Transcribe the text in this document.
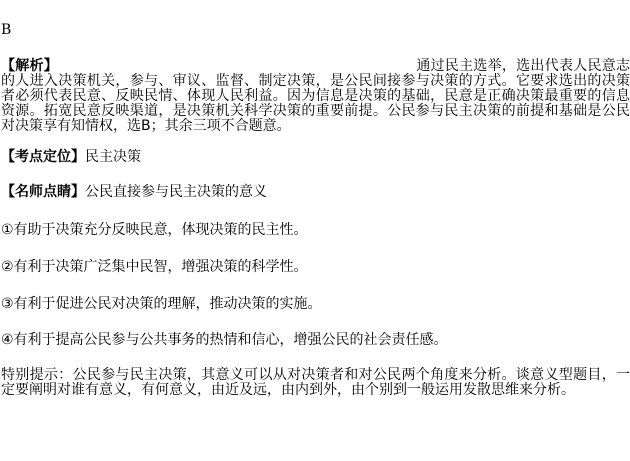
B

【解析】	通过民主选举，选出代表人民意志的人进入决策机关，参与、审议、监督、制定决策，是公民间接参与决策的方式。它要求选出的决策者必须代表民意、反映民情、体现人民利益。因为信息是决策的基础，民意是正确决策最重要的信息资源。拓宽民意反映渠道，是决策机关科学决策的重要前提。公民参与民主决策的前提和基础是公民对决策享有知情权，选B；其余三项不合题意。

【考点定位】民主决策

【名师点睛】公民直接参与民主决策的意义

①有助于决策充分反映民意，体现决策的民主性。

②有利于决策广泛集中民智，增强决策的科学性。

③有利于促进公民对决策的理解，推动决策的实施。

④有利于提高公民参与公共事务的热情和信心，增强公民的社会责任感。

特别提示：公民参与民主决策，其意义可以从对决策者和对公民两个角度来分析。谈意义型题目，一定要阐明对谁有意义，有何意义，由近及远，由内到外，由个别到一般运用发散思维来分析。
